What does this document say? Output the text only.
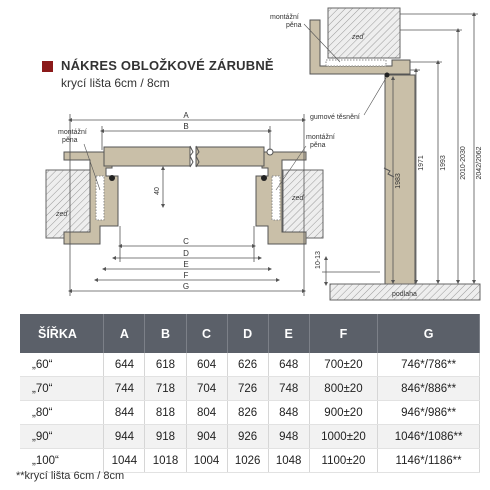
A
B
C
D
E
F
G
40
montážní
pěna	montážní
pěna
zeď
zeď
podlaha
zeď
montážní
pěna
gumové těsnění
1983
1971 1993 2010-2030 2042/2062
10-13
NÁKRES OBLOŽKOVÉ ZÁRUBNĚ
krycí lišta 6cm / 8cm
ŠÍŘKA	A	B	C	D	E	F	G
„60“	644	618	604	626	648	700±20	746*/786**
„70“	744	718	704	726	748	800±20	846*/886**
„80“	844	818	804	826	848	900±20	946*/986**
„90“	944	918	904	926	948	1000±20	1046*/1086**
„100“	1044	1018	1004	1026	1048	1100±20	1146*/1186**
**krycí lišta 6cm / 8cm
